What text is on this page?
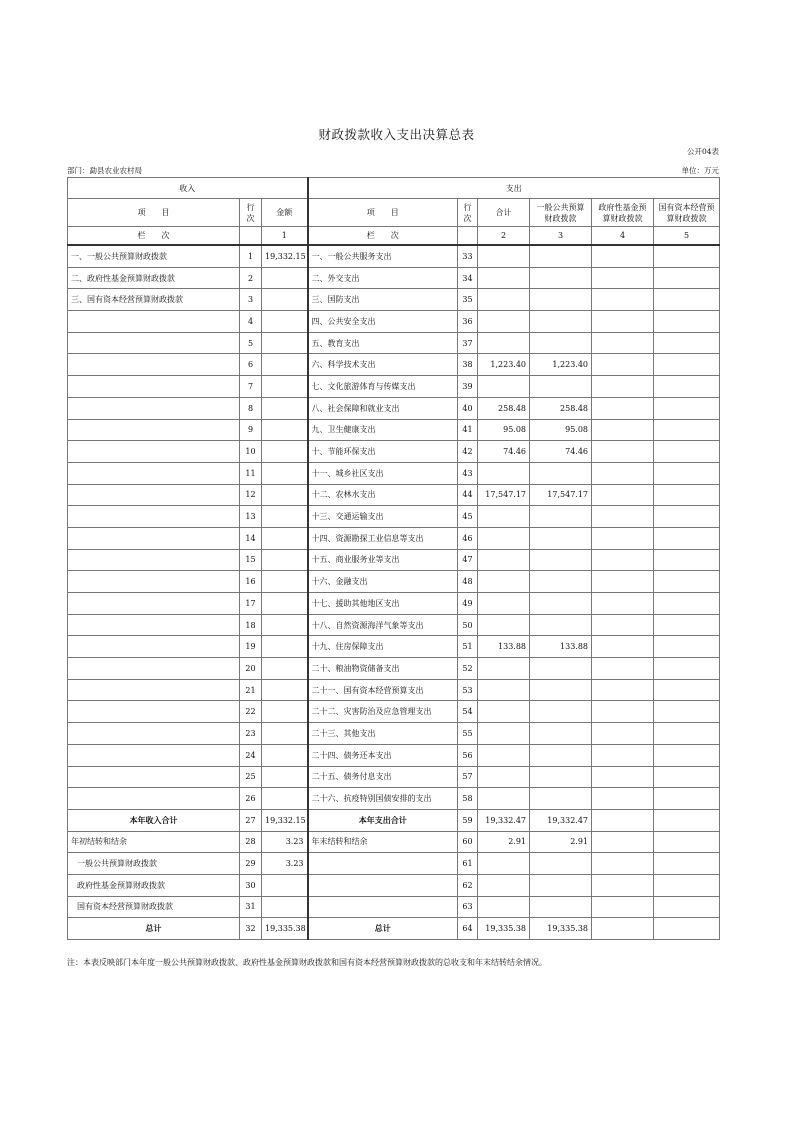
财政拨款收入支出决算总表
公开04表
部门：勐县农业农村局	单位：万元
收入			支出					
项　　目	行次	金额	项　　目	行次	合计	一般公共预算财政拨款	政府性基金预算财政拨款	国有资本经营预算财政拨款
栏　　次		1	栏　　次		2	3	4	5
一、一般公共预算财政拨款	1	19,332.15	一、一般公共服务支出	33				
二、政府性基金预算财政拨款	2		二、外交支出	34				
三、国有资本经营预算财政拨款	3		三、国防支出	35				
	4		四、公共安全支出	36				
	5		五、教育支出	37				
	6		六、科学技术支出	38	1,223.40	1,223.40		
	7		七、文化旅游体育与传媒支出	39				
	8		八、社会保障和就业支出	40	258.48	258.48		
	9		九、卫生健康支出	41	95.08	95.08		
	10		十、节能环保支出	42	74.46	74.46		
	11		十一、城乡社区支出	43				
	12		十二、农林水支出	44	17,547.17	17,547.17		
	13		十三、交通运输支出	45				
	14		十四、资源勘探工业信息等支出	46				
	15		十五、商业服务业等支出	47				
	16		十六、金融支出	48				
	17		十七、援助其他地区支出	49				
	18		十八、自然资源海洋气象等支出	50				
	19		十九、住房保障支出	51	133.88	133.88		
	20		二十、粮油物资储备支出	52				
	21		二十一、国有资本经营预算支出	53				
	22		二十二、灾害防治及应急管理支出	54				
	23		二十三、其他支出	55				
	24		二十四、债务还本支出	56				
	25		二十五、债务付息支出	57				
	26		二十六、抗疫特别国债安排的支出	58				
本年收入合计	27	19,332.15	本年支出合计	59	19,332.47	19,332.47		
年初结转和结余	28	3.23	年末结转和结余	60	2.91	2.91		
一般公共预算财政拨款	29	3.23		61				
政府性基金预算财政拨款	30			62				
国有资本经营预算财政拨款	31			63				
总计	32	19,335.38	总计	64	19,335.38	19,335.38		
注：本表反映部门本年度一般公共预算财政拨款、政府性基金预算财政拨款和国有资本经营预算财政拨款的总收支和年末结转结余情况。
